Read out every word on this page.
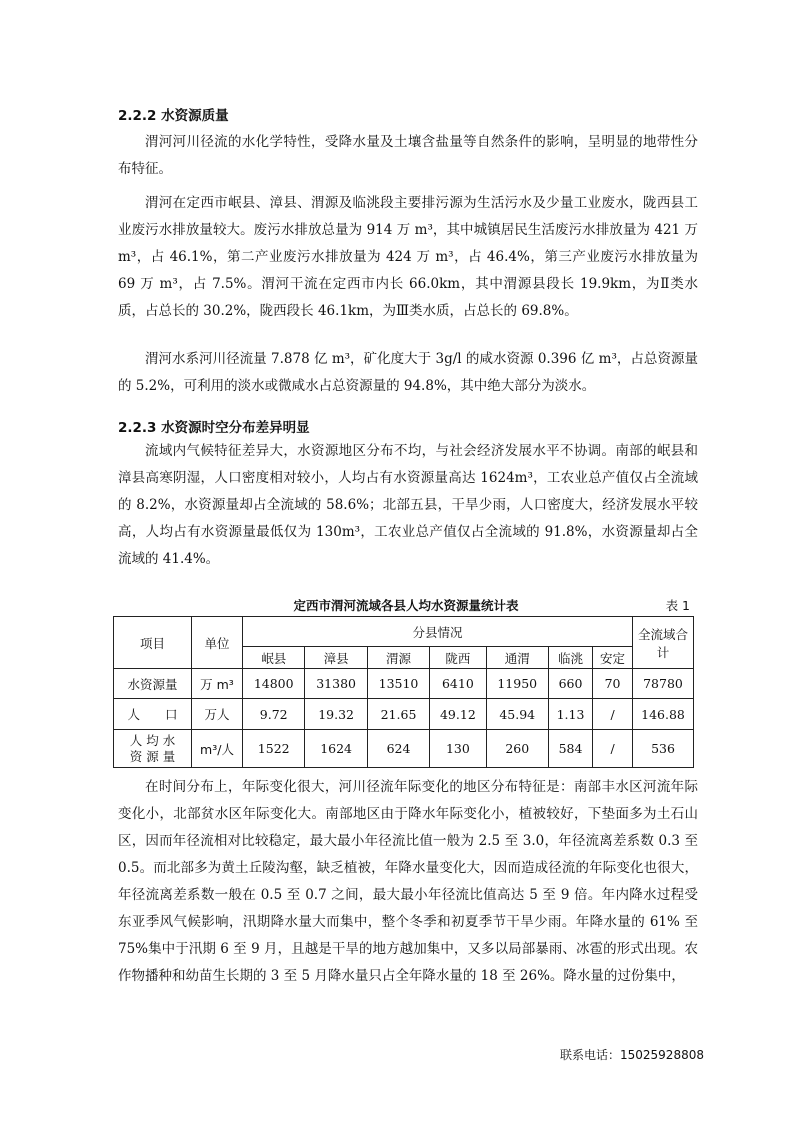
2.2.2 水资源质量

渭河河川径流的水化学特性，受降水量及土壤含盐量等自然条件的影响，呈明显的地带性分布特征。

渭河在定西市岷县、漳县、渭源及临洮段主要排污源为生活污水及少量工业废水，陇西县工业废污水排放量较大。废污水排放总量为 914 万 m³，其中城镇居民生活废污水排放量为 421 万 m³，占 46.1%，第二产业废污水排放量为 424 万 m³，占 46.4%，第三产业废污水排放量为 69 万 m³，占 7.5%。渭河干流在定西市内长 66.0km，其中渭源县段长 19.9km，为Ⅱ类水质，占总长的 30.2%，陇西段长 46.1km，为Ⅲ类水质，占总长的 69.8%。

渭河水系河川径流量 7.878 亿 m³，矿化度大于 3g/l 的咸水资源 0.396 亿 m³，占总资源量的 5.2%，可利用的淡水或微咸水占总资源量的 94.8%，其中绝大部分为淡水。

2.2.3 水资源时空分布差异明显

流域内气候特征差异大，水资源地区分布不均，与社会经济发展水平不协调。南部的岷县和漳县高寒阴湿，人口密度相对较小，人均占有水资源量高达 1624m³，工农业总产值仅占全流域的 8.2%，水资源量却占全流域的 58.6%；北部五县，干旱少雨，人口密度大，经济发展水平较高，人均占有水资源量最低仅为 130m³，工农业总产值仅占全流域的 91.8%，水资源量却占全流域的 41.4%。

定西市渭河流域各县人均水资源量统计表	表 1
项目	单位	分县情况							全流域合　计
		岷县	漳县	渭源	陇西	通渭	临洮	安定	
水资源量	万 m³	14800	31380	13510	6410	11950	660	70	78780
人　　口	万人	9.72	19.32	21.65	49.12	45.94	1.13	/	146.88
人 均 水 资 源 量	m³/人	1522	1624	624	130	260	584	/	536

在时间分布上，年际变化很大，河川径流年际变化的地区分布特征是：南部丰水区河流年际变化小，北部贫水区年际变化大。南部地区由于降水年际变化小，植被较好，下垫面多为土石山区，因而年径流相对比较稳定，最大最小年径流比值一般为 2.5 至 3.0，年径流离差系数 0.3 至 0.5。而北部多为黄土丘陵沟壑，缺乏植被，年降水量变化大，因而造成径流的年际变化也很大，年径流离差系数一般在 0.5 至 0.7 之间，最大最小年径流比值高达 5 至 9 倍。年内降水过程受东亚季风气候影响，汛期降水量大而集中，整个冬季和初夏季节干旱少雨。年降水量的 61% 至 75%集中于汛期 6 至 9 月，且越是干旱的地方越加集中，又多以局部暴雨、冰雹的形式出现。农作物播种和幼苗生长期的 3 至 5 月降水量只占全年降水量的 18 至 26%。降水量的过份集中，

联系电话：15025928808
